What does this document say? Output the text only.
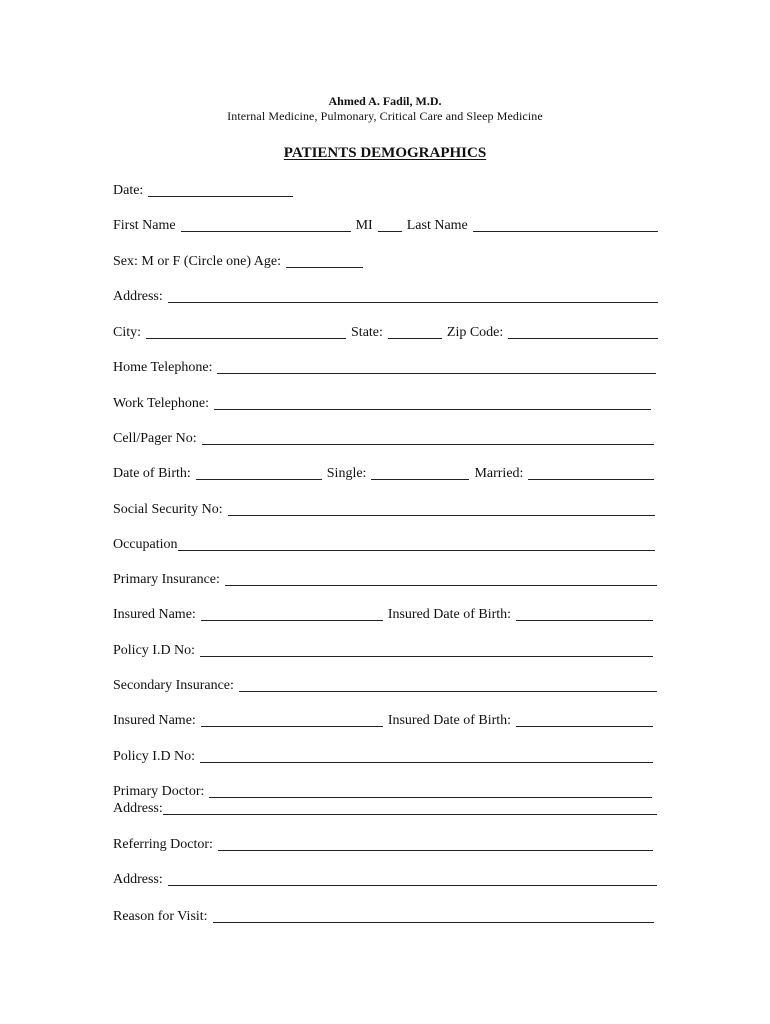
Ahmed A. Fadil, M.D.
Internal Medicine, Pulmonary, Critical Care and Sleep Medicine
PATIENTS DEMOGRAPHICS
Date:
First Name	MI Last Name
Sex: M or F (Circle one) Age:
Address:
City:	State:	Zip Code:
Home Telephone:
Work Telephone:
Cell/Pager No:
Date of Birth:	Single:	Married:
Social Security No:
Occupation
Primary Insurance:
Insured Name:	Insured Date of Birth:
Policy I.D No:
Secondary Insurance:
Insured Name:	Insured Date of Birth:
Policy I.D No:
Primary Doctor:
Address:
Referring Doctor:
Address:
Reason for Visit:
